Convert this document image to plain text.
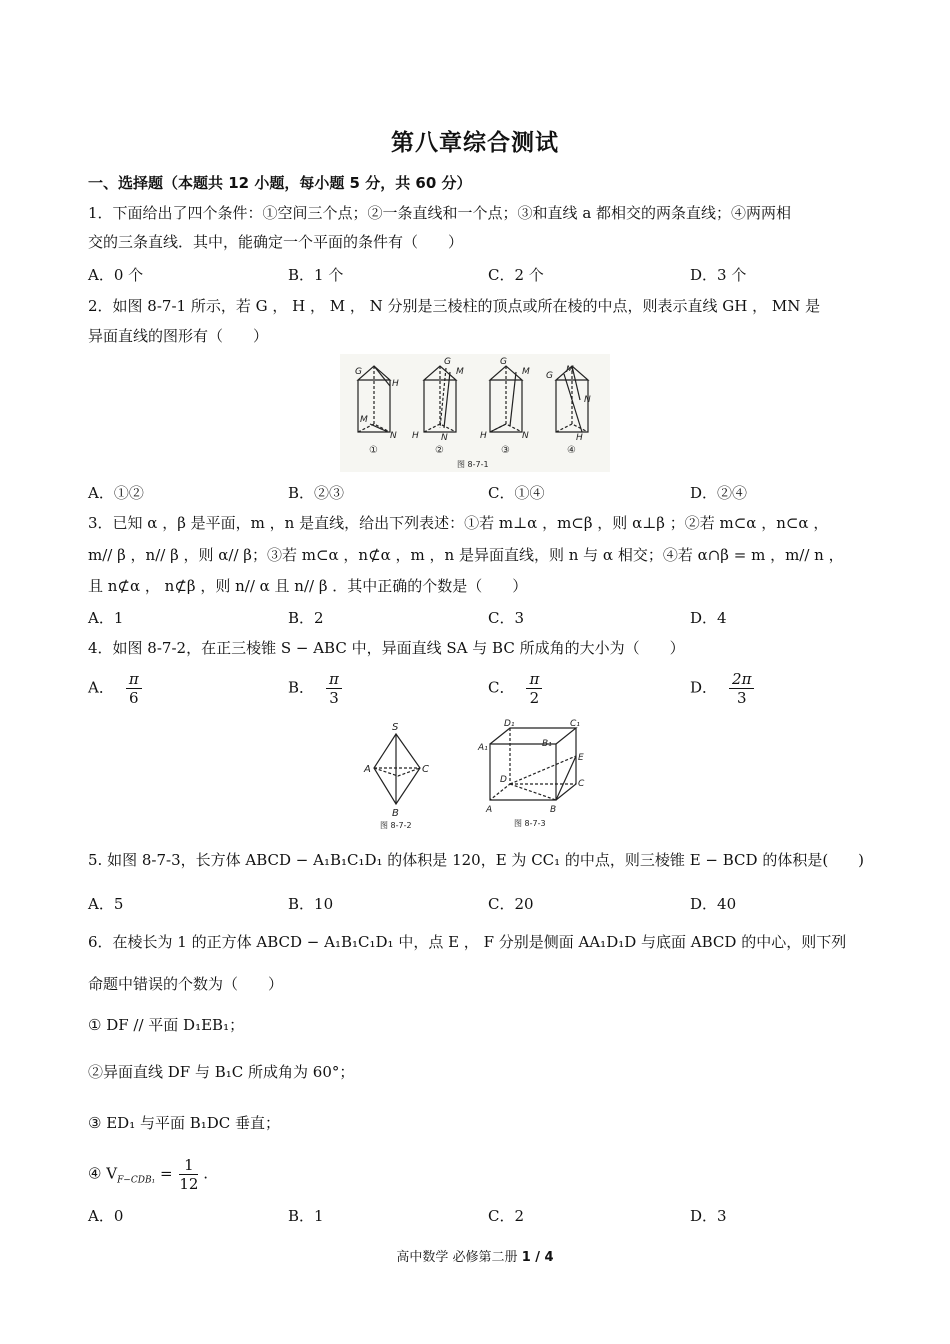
第八章综合测试
一、选择题（本题共 12 小题，每小题 5 分，共 60 分）
1．下面给出了四个条件：①空间三个点；②一条直线和一个点；③和直线 a 都相交的两条直线；④两两相
交的三条直线．其中，能确定一个平面的条件有（　　）
A．0 个	B．1 个	C．2 个	D．3 个
2．如图 8-7-1 所示，若 G ， H ， M ， N 分别是三棱柱的顶点或所在棱的中点，则表示直线 GH ， MN 是
异面直线的图形有（　　）
G
H
M
N
G
M
H N
G
M
H	N
G
M
N
H
①	②	③	④
图 8-7-1
A．①②	B．②③	C．①④	D．②④
3．已知 α ，β 是平面，m ，n 是直线，给出下列表述：①若 m⊥α ，m⊂β ，则 α⊥β ；②若 m⊂α ，n⊂α ，
m// β ，n// β ，则 α// β；③若 m⊂α ，n⊄α ，m ，n 是异面直线，则 n 与 α 相交；④若 α∩β = m ，m// n ，
且 n⊄α ， n⊄β ，则 n// α 且 n// β ．其中正确的个数是（　　）
A．1	B．2	C．3	D．4
4．如图 8-7-2，在正三棱锥 S − ABC 中，异面直线 SA 与 BC 所成角的大小为（　　）
A． $\frac{\pi}{6}$	B． $\frac{\pi}{3}$	C． $\frac{\pi}{2}$	D． $\frac{2\pi}{3}$
S
A	C
B
图 8-7-2
D₁	C₁
A₁	B₁
E
D	C
A	B
图 8-7-3
5. 如图 8-7-3，长方体 ABCD − A₁B₁C₁D₁ 的体积是 120，E 为 CC₁ 的中点，则三棱锥 E − BCD 的体积是(　　)
A．5	B．10	C．20	D．40
6．在棱长为 1 的正方体 ABCD − A₁B₁C₁D₁ 中，点 E ， F 分别是侧面 AA₁D₁D 与底面 ABCD 的中心，则下列
命题中错误的个数为（　　）
① DF // 平面 D₁EB₁；
②异面直线 DF 与 B₁C 所成角为 60°；
③ ED₁ 与平面 B₁DC 垂直；
④ $V_{F-CDB_1} = \frac{1}{12}$ .
A．0	B．1	C．2	D．3
高中数学 必修第二册 1 / 4
